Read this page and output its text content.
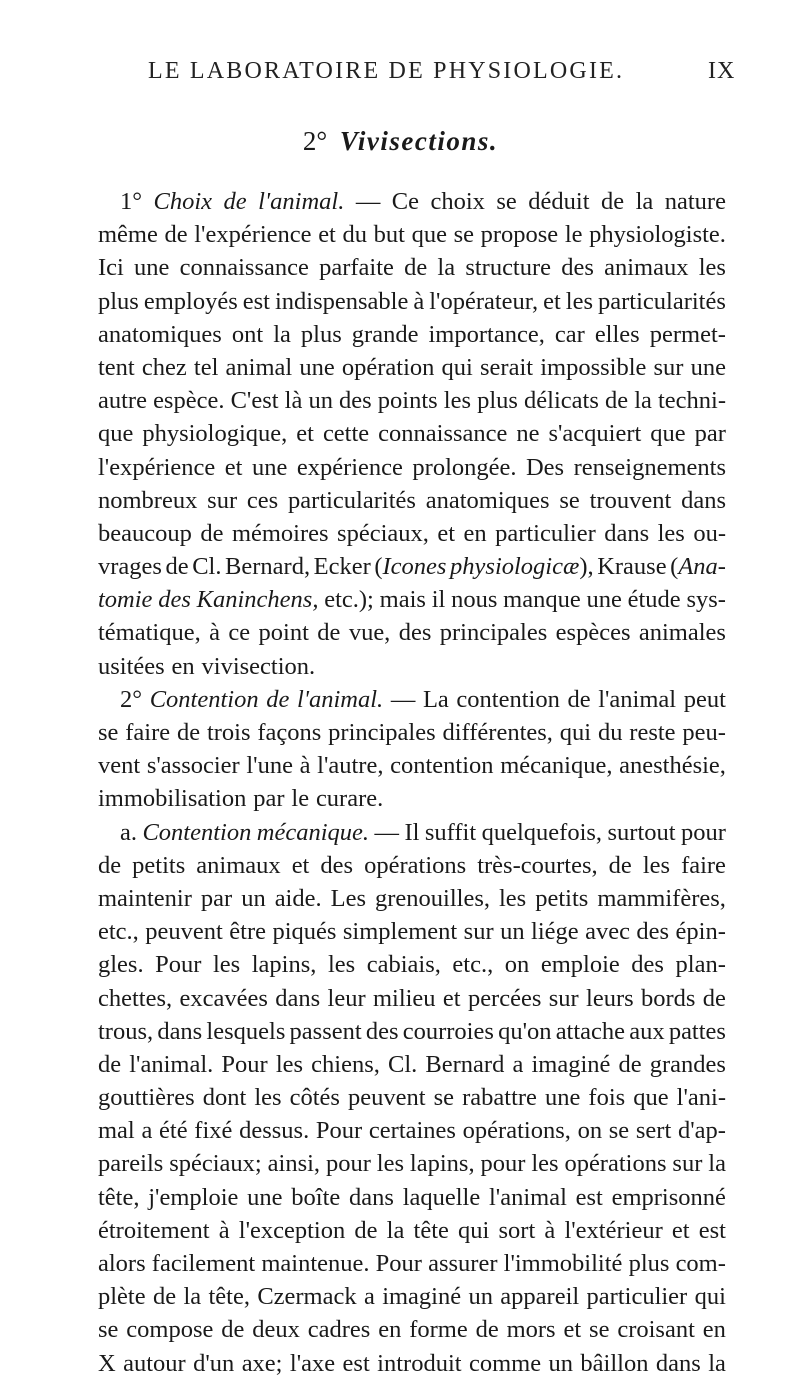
LE LABORATOIRE DE PHYSIOLOGIE.	IX
2° Vivisections.
1° Choix de l'animal. — Ce choix se déduit de la nature
même de l'expérience et du but que se propose le physiologiste.
Ici une connaissance parfaite de la structure des animaux les
plus employés est indispensable à l'opérateur, et les particularités
anatomiques ont la plus grande importance, car elles permet-
tent chez tel animal une opération qui serait impossible sur une
autre espèce. C'est là un des points les plus délicats de la techni-
que physiologique, et cette connaissance ne s'acquiert que par
l'expérience et une expérience prolongée. Des renseignements
nombreux sur ces particularités anatomiques se trouvent dans
beaucoup de mémoires spéciaux, et en particulier dans les ou-
vrages de Cl. Bernard, Ecker (Icones physiologicæ), Krause (Ana-
tomie des Kaninchens, etc.); mais il nous manque une étude sys-
tématique, à ce point de vue, des principales espèces animales
usitées en vivisection.
2° Contention de l'animal. — La contention de l'animal peut
se faire de trois façons principales différentes, qui du reste peu-
vent s'associer l'une à l'autre, contention mécanique, anesthésie,
immobilisation par le curare.
a. Contention mécanique. — Il suffit quelquefois, surtout pour
de petits animaux et des opérations très-courtes, de les faire
maintenir par un aide. Les grenouilles, les petits mammifères,
etc., peuvent être piqués simplement sur un liége avec des épin-
gles. Pour les lapins, les cabiais, etc., on emploie des plan-
chettes, excavées dans leur milieu et percées sur leurs bords de
trous, dans lesquels passent des courroies qu'on attache aux pattes
de l'animal. Pour les chiens, Cl. Bernard a imaginé de grandes
gouttières dont les côtés peuvent se rabattre une fois que l'ani-
mal a été fixé dessus. Pour certaines opérations, on se sert d'ap-
pareils spéciaux; ainsi, pour les lapins, pour les opérations sur la
tête, j'emploie une boîte dans laquelle l'animal est emprisonné
étroitement à l'exception de la tête qui sort à l'extérieur et est
alors facilement maintenue. Pour assurer l'immobilité plus com-
plète de la tête, Czermack a imaginé un appareil particulier qui
se compose de deux cadres en forme de mors et se croisant en
X autour d'un axe; l'axe est introduit comme un bâillon dans la
